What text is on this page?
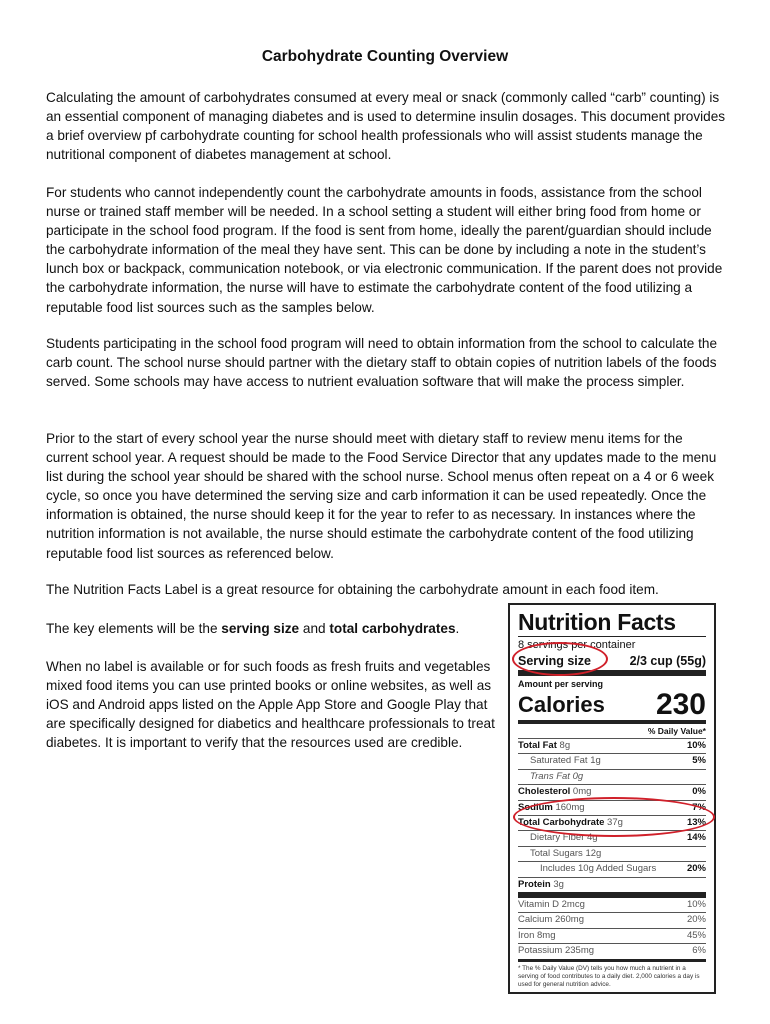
Carbohydrate Counting Overview

Calculating the amount of carbohydrates consumed at every meal or snack (commonly called “carb” counting) is an essential component of managing diabetes and is used to determine insulin dosages. This document provides a brief overview pf carbohydrate counting for school health professionals who will assist students manage the nutritional component of diabetes management at school.

For students who cannot independently count the carbohydrate amounts in foods, assistance from the school nurse or trained staff member will be needed. In a school setting a student will either bring food from home or participate in the school food program. If the food is sent from home, ideally the parent/guardian should include the carbohydrate information of the meal they have sent. This can be done by including a note in the student’s lunch box or backpack, communication notebook, or via electronic communication. If the parent does not provide the carbohydrate information, the nurse will have to estimate the carbohydrate content of the food utilizing a reputable food list sources such as the samples below.

Students participating in the school food program will need to obtain information from the school to calculate the carb count. The school nurse should partner with the dietary staff to obtain copies of nutrition labels of the foods served. Some schools may have access to nutrient evaluation software that will make the process simpler.

Prior to the start of every school year the nurse should meet with dietary staff to review menu items for the current school year. A request should be made to the Food Service Director that any updates made to the menu list during the school year should be shared with the school nurse. School menus often repeat on a 4 or 6 week cycle, so once you have determined the serving size and carb information it can be used repeatedly. Once the information is obtained, the nurse should keep it for the year to refer to as necessary. In instances where the nutrition information is not available, the nurse should estimate the carbohydrate content of the food utilizing reputable food list sources as referenced below.

The Nutrition Facts Label is a great resource for obtaining the carbohydrate amount in each food item.

The key elements will be the serving size and total carbohydrates.

When no label is available or for such foods as fresh fruits and vegetables mixed food items you can use printed books or online websites, as well as iOS and Android apps listed on the Apple App Store and Google Play that are specifically designed for diabetics and healthcare professionals to treat diabetes. It is important to verify that the resources used are credible.

Nutrition Facts
8 servings per container
Serving size	2/3 cup (55g)
Amount per serving
Calories 230
% Daily Value*
Total Fat 8g	10%
Saturated Fat 1g	5%
Trans Fat 0g
Cholesterol 0mg	0%
Sodium 160mg	7%
Total Carbohydrate 37g	13%
Dietary Fiber 4g	14%
Total Sugars 12g
Includes 10g Added Sugars	20%
Protein 3g
Vitamin D 2mcg	10%
Calcium 260mg	20%
Iron 8mg	45%
Potassium 235mg	6%
* The % Daily Value (DV) tells you how much a nutrient in a serving of food contributes to a daily diet. 2,000 calories a day is used for general nutrition advice.
